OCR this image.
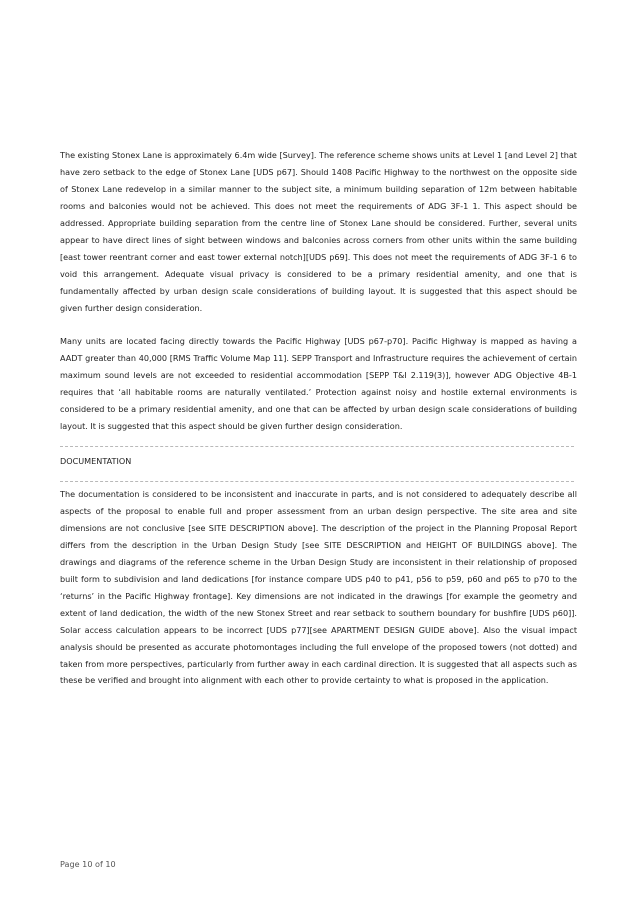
The existing Stonex Lane is approximately 6.4m wide [Survey]. The reference scheme shows units at Level 1 [and Level 2] that have zero setback to the edge of Stonex Lane [UDS p67]. Should 1408 Pacific Highway to the northwest on the opposite side of Stonex Lane redevelop in a similar manner to the subject site, a minimum building separation of 12m between habitable rooms and balconies would not be achieved. This does not meet the requirements of ADG 3F-1 1. This aspect should be addressed. Appropriate building separation from the centre line of Stonex Lane should be considered. Further, several units appear to have direct lines of sight between windows and balconies across corners from other units within the same building [east tower reentrant corner and east tower external notch][UDS p69]. This does not meet the requirements of ADG 3F-1 6 to void this arrangement. Adequate visual privacy is considered to be a primary residential amenity, and one that is fundamentally affected by urban design scale considerations of building layout. It is suggested that this aspect should be given further design consideration.

Many units are located facing directly towards the Pacific Highway [UDS p67-p70]. Pacific Highway is mapped as having a AADT greater than 40,000 [RMS Traffic Volume Map 11]. SEPP Transport and Infrastructure requires the achievement of certain maximum sound levels are not exceeded to residential accommodation [SEPP T&I 2.119(3)], however ADG Objective 4B-1 requires that ‘all habitable rooms are naturally ventilated.’ Protection against noisy and hostile external environments is considered to be a primary residential amenity, and one that can be affected by urban design scale considerations of building layout. It is suggested that this aspect should be given further design consideration.

DOCUMENTATION

The documentation is considered to be inconsistent and inaccurate in parts, and is not considered to adequately describe all aspects of the proposal to enable full and proper assessment from an urban design perspective. The site area and site dimensions are not conclusive [see SITE DESCRIPTION above]. The description of the project in the Planning Proposal Report differs from the description in the Urban Design Study [see SITE DESCRIPTION and HEIGHT OF BUILDINGS above]. The drawings and diagrams of the reference scheme in the Urban Design Study are inconsistent in their relationship of proposed built form to subdivision and land dedications [for instance compare UDS p40 to p41, p56 to p59, p60 and p65 to p70 to the ‘returns’ in the Pacific Highway frontage]. Key dimensions are not indicated in the drawings [for example the geometry and extent of land dedication, the width of the new Stonex Street and rear setback to southern boundary for bushfire [UDS p60]]. Solar access calculation appears to be incorrect [UDS p77][see APARTMENT DESIGN GUIDE above]. Also the visual impact analysis should be presented as accurate photomontages including the full envelope of the proposed towers (not dotted) and taken from more perspectives, particularly from further away in each cardinal direction. It is suggested that all aspects such as these be verified and brought into alignment with each other to provide certainty to what is proposed in the application.

Page 10 of 10
